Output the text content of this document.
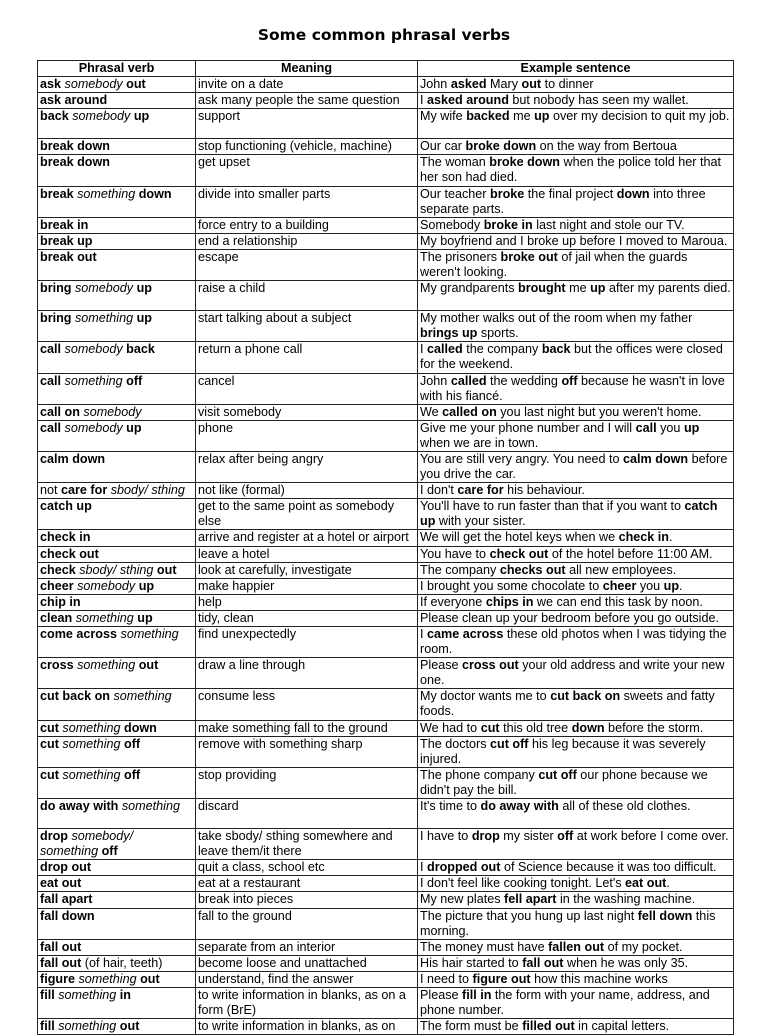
Some common phrasal verbs
Phrasal verb	Meaning	Example sentence
ask somebody out	invite on a date	John asked Mary out to dinner
ask around	ask many people the same question	I asked around but nobody has seen my wallet.
back somebody up	support	My wife backed me up over my decision to quit my job.
break down	stop functioning (vehicle, machine)	Our car broke down on the way from Bertoua
break down	get upset	The woman broke down when the police told her that her son had died.
break something down	divide into smaller parts	Our teacher broke the final project down into three separate parts.
break in	force entry to a building	Somebody broke in last night and stole our TV.
break up	end a relationship	My boyfriend and I broke up before I moved to Maroua.
break out	escape	The prisoners broke out of jail when the guards weren't looking.
bring somebody up	raise a child	My grandparents brought me up after my parents died.
bring something up	start talking about a subject	My mother walks out of the room when my father brings up sports.
call somebody back	return a phone call	I called the company back but the offices were closed for the weekend.
call something off	cancel	John called the wedding off because he wasn't in love with his fiancé.
call on somebody	visit somebody	We called on you last night but you weren't home.
call somebody up	phone	Give me your phone number and I will call you up when we are in town.
calm down	relax after being angry	You are still very angry. You need to calm down before you drive the car.
not care for sbody/ sthing	not like (formal)	I don't care for his behaviour.
catch up	get to the same point as somebody else	You'll have to run faster than that if you want to catch up with your sister.
check in	arrive and register at a hotel or airport	We will get the hotel keys when we check in.
check out	leave a hotel	You have to check out of the hotel before 11:00 AM.
check sbody/ sthing out	look at carefully, investigate	The company checks out all new employees.
cheer somebody up	make happier	I brought you some chocolate to cheer you up.
chip in	help	If everyone chips in we can end this task by noon.
clean something up	tidy, clean	Please clean up your bedroom before you go outside.
come across something	find unexpectedly	I came across these old photos when I was tidying the room.
cross something out	draw a line through	Please cross out your old address and write your new one.
cut back on something	consume less	My doctor wants me to cut back on sweets and fatty foods.
cut something down	make something fall to the ground	We had to cut this old tree down before the storm.
cut something off	remove with something sharp	The doctors cut off his leg because it was severely injured.
cut something off	stop providing	The phone company cut off our phone because we didn't pay the bill.
do away with something	discard	It's time to do away with all of these old clothes.
drop somebody/ something off	take sbody/ sthing somewhere and leave them/it there	I have to drop my sister off at work before I come over.
drop out	quit a class, school etc	I dropped out of Science because it was too difficult.
eat out	eat at a restaurant	I don't feel like cooking tonight. Let's eat out.
fall apart	break into pieces	My new plates fell apart in the washing machine.
fall down	fall to the ground	The picture that you hung up last night fell down this morning.
fall out	separate from an interior	The money must have fallen out of my pocket.
fall out (of hair, teeth)	become loose and unattached	His hair started to fall out when he was only 35.
figure something out	understand, find the answer	I need to figure out how this machine works
fill something in	to write information in blanks, as on a form (BrE)	Please fill in the form with your name, address, and phone number.
fill something out	to write information in blanks, as on	The form must be filled out in capital letters.
